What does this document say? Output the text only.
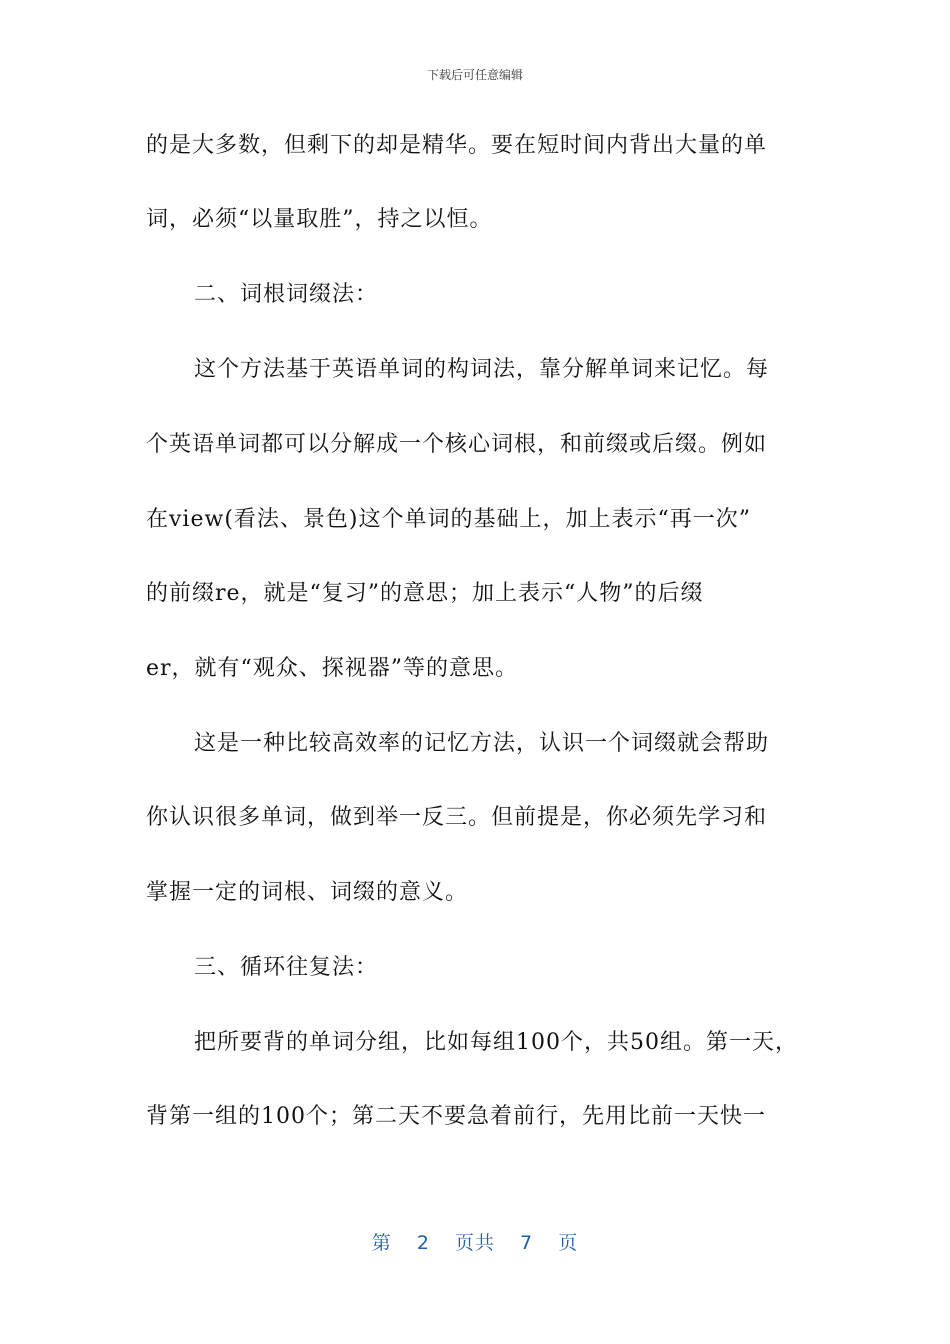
下载后可任意编辑
的是大多数，但剩下的却是精华。要在短时间内背出大量的单
词，必须“以量取胜”，持之以恒。
二、词根词缀法：
这个方法基于英语单词的构词法，靠分解单词来记忆。每
个英语单词都可以分解成一个核心词根，和前缀或后缀。例如
在view(看法、景色)这个单词的基础上，加上表示“再一次”
的前缀re，就是“复习”的意思；加上表示“人物”的后缀
er，就有“观众、探视器”等的意思。
这是一种比较高效率的记忆方法，认识一个词缀就会帮助
你认识很多单词，做到举一反三。但前提是，你必须先学习和
掌握一定的词根、词缀的意义。
三、循环往复法：
把所要背的单词分组，比如每组100个，共50组。第一天，
背第一组的100个；第二天不要急着前行，先用比前一天快一
第 2 页共 7 页
